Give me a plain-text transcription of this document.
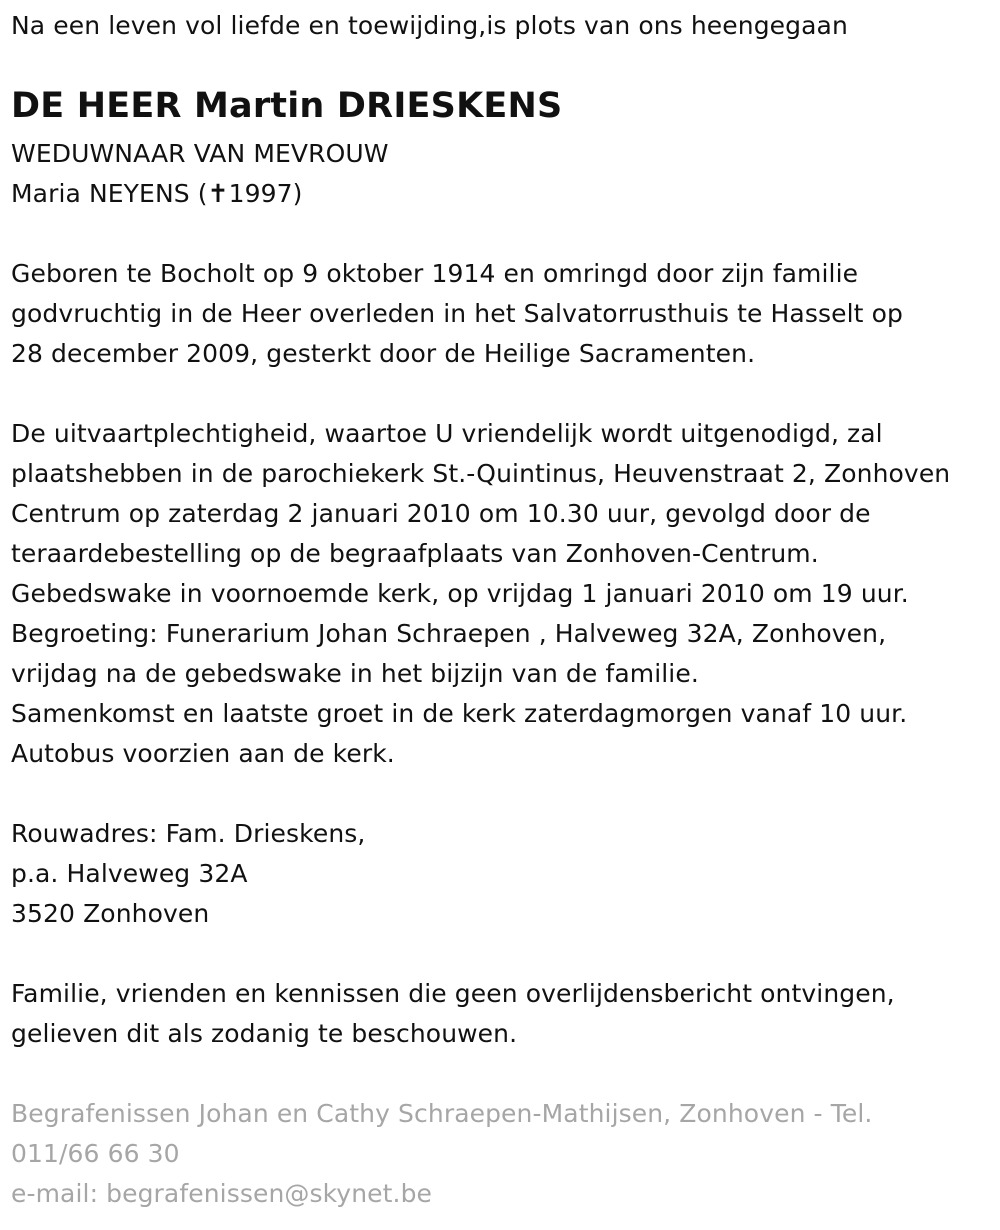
Na een leven vol liefde en toewijding,is plots van ons heengegaan
DE HEER Martin DRIESKENS
WEDUWNAAR VAN MEVROUW
Maria NEYENS (✝1997)
Geboren te Bocholt op 9 oktober 1914 en omringd door zijn familie
godvruchtig in de Heer overleden in het Salvatorrusthuis te Hasselt op
28 december 2009, gesterkt door de Heilige Sacramenten.
De uitvaartplechtigheid, waartoe U vriendelijk wordt uitgenodigd, zal
plaatshebben in de parochiekerk St.-Quintinus, Heuvenstraat 2, Zonhoven
Centrum op zaterdag 2 januari 2010 om 10.30 uur, gevolgd door de
teraardebestelling op de begraafplaats van Zonhoven-Centrum.
Gebedswake in voornoemde kerk, op vrijdag 1 januari 2010 om 19 uur.
Begroeting: Funerarium Johan Schraepen , Halveweg 32A, Zonhoven,
vrijdag na de gebedswake in het bijzijn van de familie.
Samenkomst en laatste groet in de kerk zaterdagmorgen vanaf 10 uur.
Autobus voorzien aan de kerk.
Rouwadres: Fam. Drieskens,
p.a. Halveweg 32A
3520 Zonhoven
Familie, vrienden en kennissen die geen overlijdensbericht ontvingen,
gelieven dit als zodanig te beschouwen.
Begrafenissen Johan en Cathy Schraepen-Mathijsen, Zonhoven - Tel.
011/66 66 30
e-mail: begrafenissen@skynet.be
